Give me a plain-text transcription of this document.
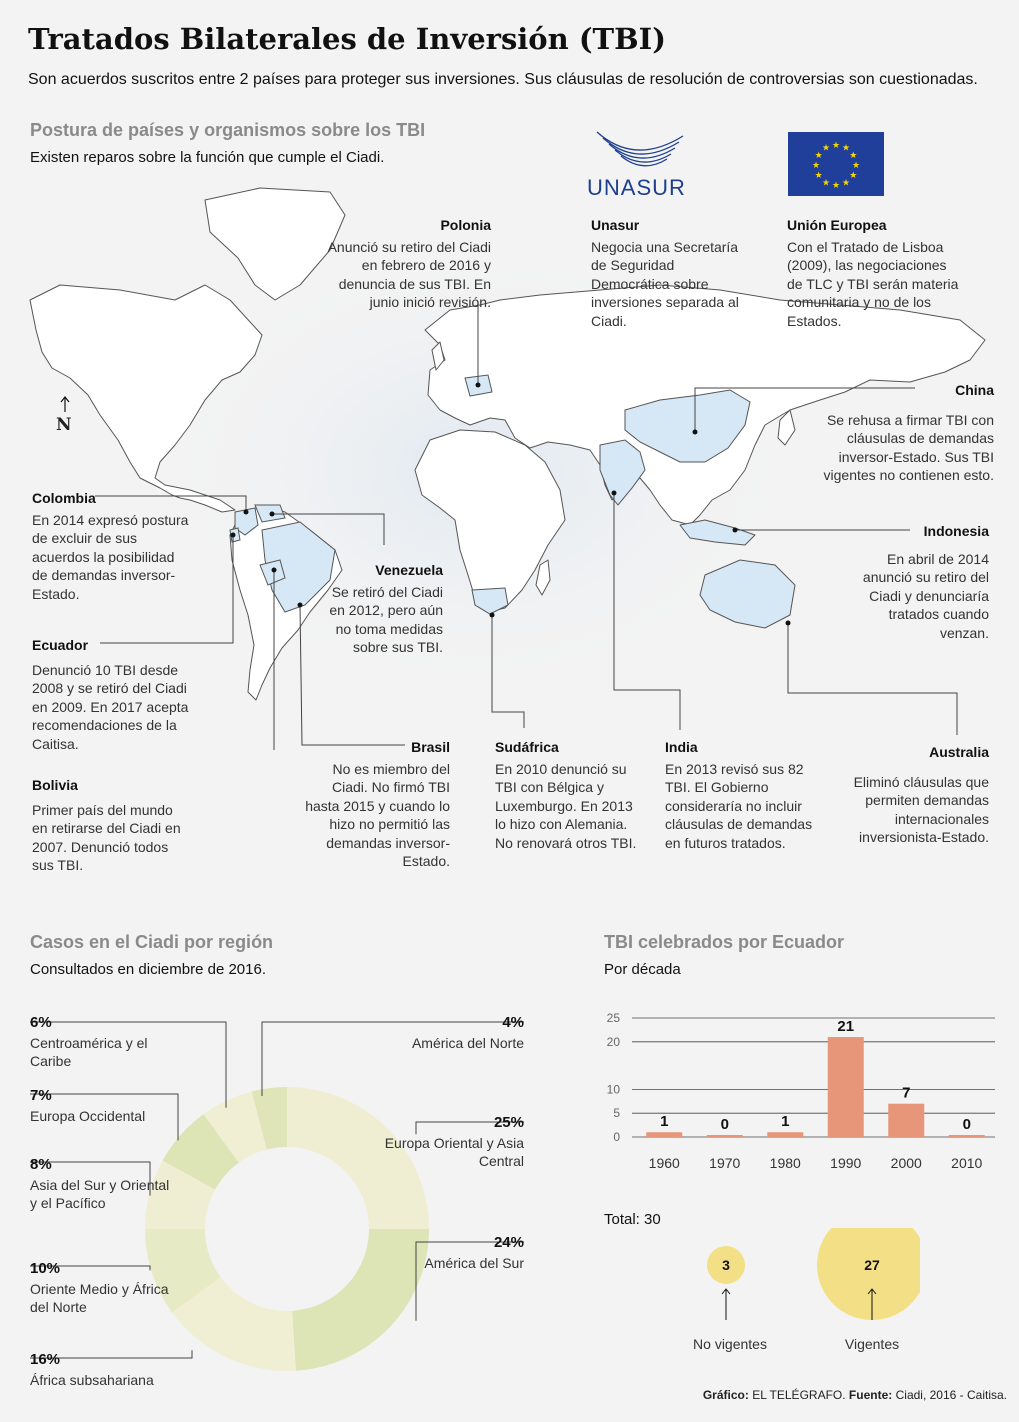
Tratados Bilaterales de Inversión (TBI)
Son acuerdos suscritos entre 2 países para proteger sus inversiones. Sus cláusulas de resolución de controversias son cuestionadas.
Postura de países y organismos sobre los TBI
Existen reparos sobre la función que cumple el Ciadi.
N
UNASUR
★ ★
★
★
★
★
★
★
★
★
★
★
Polonia
Anunció su retiro del Ciadi en febrero de 2016 y denuncia de sus TBI. En junio inició revisión.
Unasur
Negocia una Secretaría de Seguridad Democrática sobre inversiones separada al Ciadi.
Unión Europea
Con el Tratado de Lisboa (2009), las negociaciones de TLC y TBI serán materia comunitaria y no de los Estados.
China
Se rehusa a firmar TBI con cláusulas de demandas inversor-Estado. Sus TBI vigentes no contienen esto.
Indonesia
En abril de 2014 anunció su retiro del Ciadi y denunciaría tratados cuando venzan.
Colombia
En 2014 expresó postura de excluir de sus acuerdos la posibilidad de demandas inversor-Estado.
Venezuela
Se retiró del Ciadi en 2012, pero aún no toma medidas sobre sus TBI.
Ecuador
Denunció 10 TBI desde 2008 y se retiró del Ciadi en 2009. En 2017 acepta recomendaciones de la Caitisa.
Bolivia
Primer país del mundo en retirarse del Ciadi en 2007. Denunció todos sus TBI.
Brasil
No es miembro del Ciadi. No firmó TBI hasta 2015 y cuando lo hizo no permitió las demandas inversor-Estado.
Sudáfrica
En 2010 denunció su TBI con Bélgica y Luxemburgo. En 2013 lo hizo con Alemania. No renovará otros TBI.
India
En 2013 revisó sus 82 TBI. El Gobierno consideraría no incluir cláusulas de demandas en futuros tratados.
Australia
Eliminó cláusulas que permiten demandas internacionales inversionista-Estado.
Casos en el Ciadi por región
Consultados en diciembre de 2016.
4%
América del Norte
25%
Europa Oriental y Asia Central
24%
América del Sur
16%
África subsahariana
10%
Oriente Medio y África del Norte
8%
Asia del Sur y Oriental y el Pacífico
7%
Europa Occidental
6%
Centroamérica y el Caribe
TBI celebrados por Ecuador
Por década
0
5
10
20
25
1
1960
0
1970
1
1980
21
1990
7
2000
0
2010
Total: 30
3	27
No vigentes	Vigentes
Gráfico: EL TELÉGRAFO. Fuente: Ciadi, 2016 - Caitisa.
